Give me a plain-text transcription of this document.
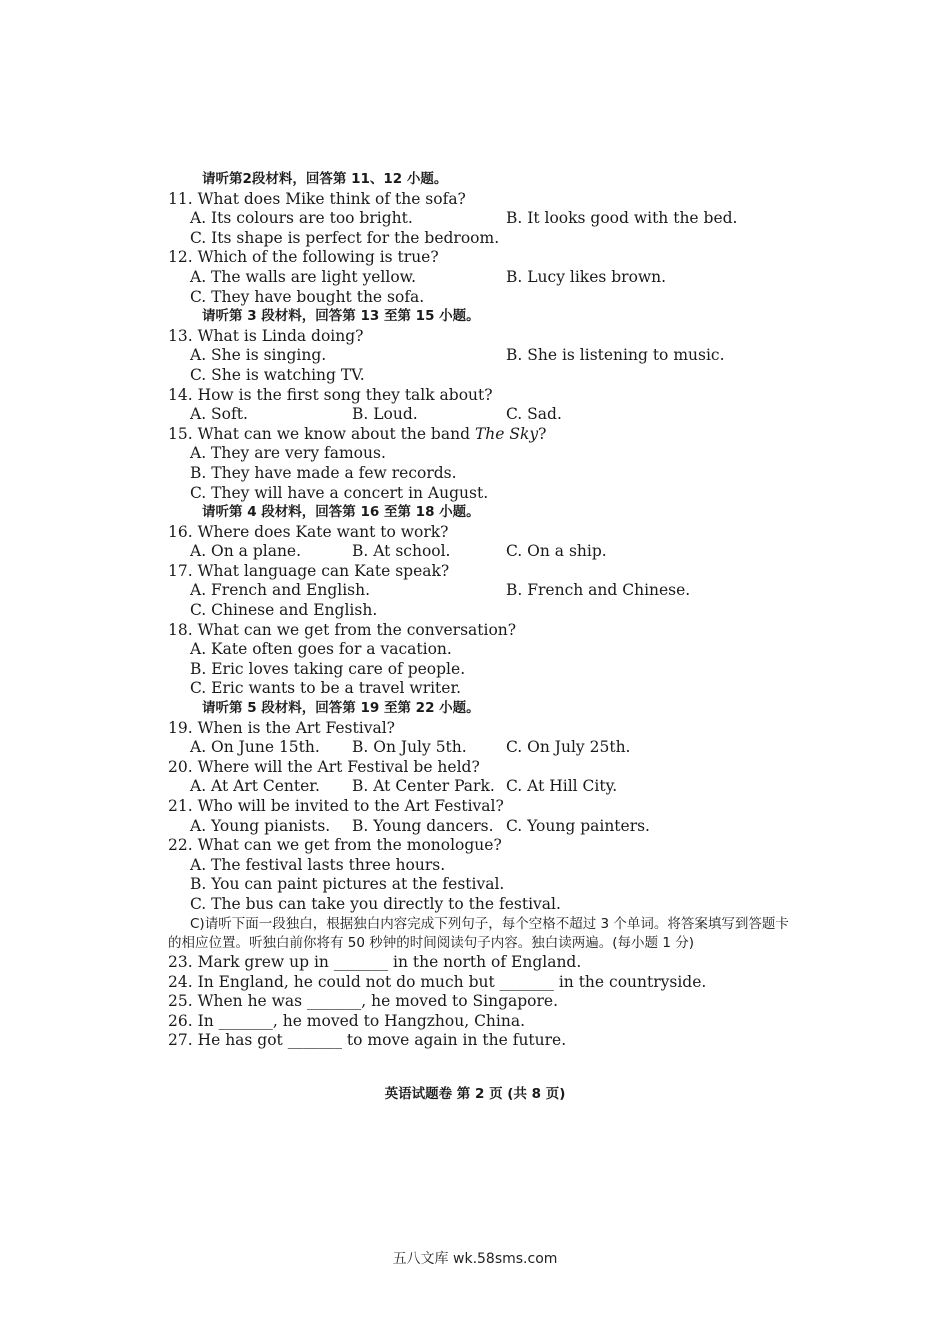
请听第2段材料，回答第 11、12 小题。
11. What does Mike think of the sofa?
A. Its colours are too bright.	B. It looks good with the bed.
C. Its shape is perfect for the bedroom.
12. Which of the following is true?
A. The walls are light yellow.	B. Lucy likes brown.
C. They have bought the sofa.
请听第 3 段材料，回答第 13 至第 15 小题。
13. What is Linda doing?
A. She is singing.	B. She is listening to music.
C. She is watching TV.
14. How is the first song they talk about?
A. Soft.	B. Loud.	C. Sad.
15. What can we know about the band The Sky?
A. They are very famous.
B. They have made a few records.
C. They will have a concert in August.
请听第 4 段材料，回答第 16 至第 18 小题。
16. Where does Kate want to work?
A. On a plane.	B. At school.	C. On a ship.
17. What language can Kate speak?
A. French and English.	B. French and Chinese.
C. Chinese and English.
18. What can we get from the conversation?
A. Kate often goes for a vacation.
B. Eric loves taking care of people.
C. Eric wants to be a travel writer.
请听第 5 段材料，回答第 19 至第 22 小题。
19. When is the Art Festival?
A. On June 15th. B. On July 5th.	C. On July 25th.
20. Where will the Art Festival be held?
A. At Art Center. B. At Center Park. C. At Hill City.
21. Who will be invited to the Art Festival?
A. Young pianists. B. Young dancers. C. Young painters.
22. What can we get from the monologue?
A. The festival lasts three hours.
B. You can paint pictures at the festival.
C. The bus can take you directly to the festival.
C)请听下面一段独白，根据独白内容完成下列句子，每个空格不超过 3 个单词。将答案填写到答题卡的相应位置。听独白前你将有 50 秒钟的时间阅读句子内容。独白读两遍。(每小题 1 分)
23. Mark grew up in _______ in the north of England.
24. In England, he could not do much but _______ in the countryside.
25. When he was _______, he moved to Singapore.
26. In _______, he moved to Hangzhou, China.
27. He has got _______ to move again in the future.
英语试题卷 第 2 页 (共 8 页)
五八文库 wk.58sms.com
